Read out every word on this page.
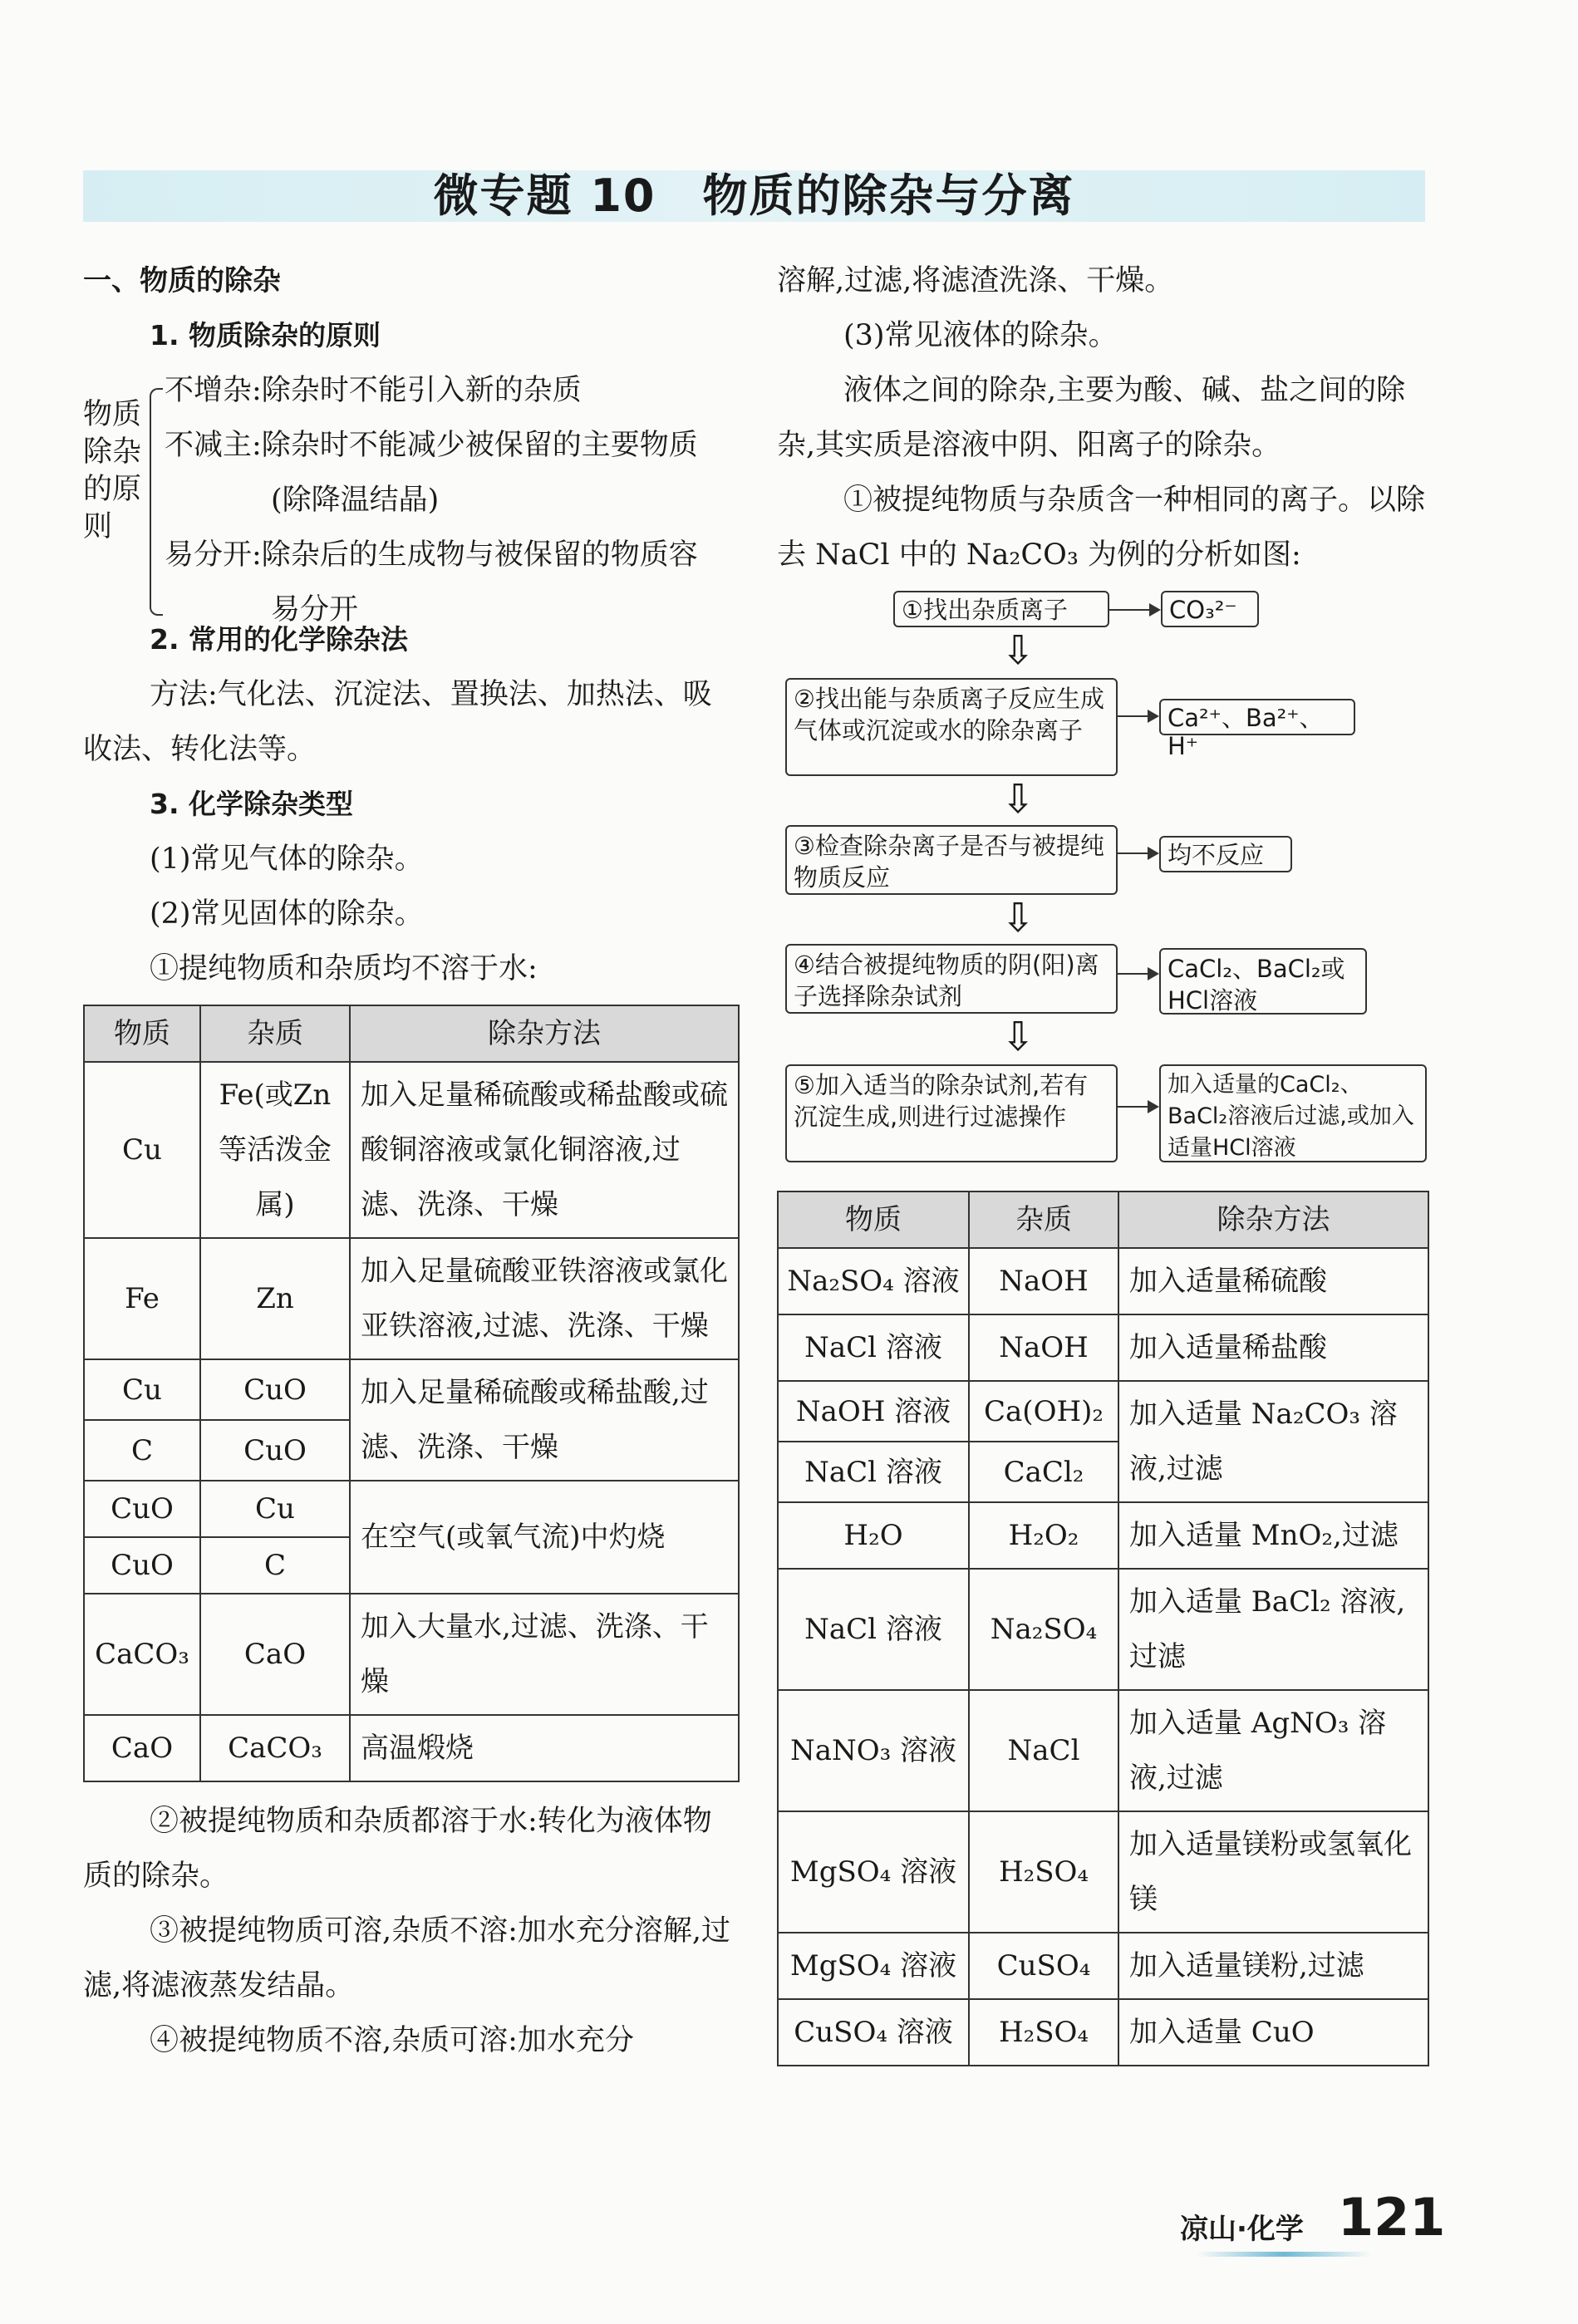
微专题 10　物质的除杂与分离
一、物质的除杂
1. 物质除杂的原则
物质除杂的原则
不增杂:除杂时不能引入新的杂质
不减主:除杂时不能减少被保留的主要物质
(除降温结晶)
易分开:除杂后的生成物与被保留的物质容
易分开
2. 常用的化学除杂法
方法:气化法、沉淀法、置换法、加热法、吸收法、转化法等。
3. 化学除杂类型
(1)常见气体的除杂。
(2)常见固体的除杂。
①提纯物质和杂质均不溶于水:
物质	杂质	除杂方法
Cu	Fe(或Zn等活泼金属)	加入足量稀硫酸或稀盐酸或硫酸铜溶液或氯化铜溶液,过滤、洗涤、干燥
Fe	Zn	加入足量硫酸亚铁溶液或氯化亚铁溶液,过滤、洗涤、干燥
Cu	CuO	加入足量稀硫酸或稀盐酸,过滤、洗涤、干燥
C	CuO	
CuO	Cu	在空气(或氧气流)中灼烧
CuO	C	
CaCO₃	CaO	加入大量水,过滤、洗涤、干燥
CaO	CaCO₃	高温煅烧
②被提纯物质和杂质都溶于水:转化为液体物质的除杂。
③被提纯物质可溶,杂质不溶:加水充分溶解,过滤,将滤液蒸发结晶。
④被提纯物质不溶,杂质可溶:加水充分
溶解,过滤,将滤渣洗涤、干燥。
(3)常见液体的除杂。
液体之间的除杂,主要为酸、碱、盐之间的除杂,其实质是溶液中阴、阳离子的除杂。
①被提纯物质与杂质含一种相同的离子。以除去 NaCl 中的 Na₂CO₃ 为例的分析如图:
①找出杂质离子	CO₃²⁻
⇩
②找出能与杂质离子反应生成气体或沉淀或水的除杂离子	Ca²⁺、Ba²⁺、H⁺
⇩
③检查除杂离子是否与被提纯物质反应
均不反应
⇩
④结合被提纯物质的阴(阳)离子选择除杂试剂
CaCl₂、BaCl₂或HCl溶液
⇩
⑤加入适当的除杂试剂,若有沉淀生成,则进行过滤操作
加入适量的CaCl₂、BaCl₂溶液后过滤,或加入适量HCl溶液
物质	杂质	除杂方法
Na₂SO₄ 溶液	NaOH	加入适量稀硫酸
NaCl 溶液	NaOH	加入适量稀盐酸
NaOH 溶液	Ca(OH)₂	加入适量 Na₂CO₃ 溶液,过滤
NaCl 溶液	CaCl₂	
H₂O	H₂O₂	加入适量 MnO₂,过滤
NaCl 溶液	Na₂SO₄	加入适量 BaCl₂ 溶液,过滤
NaNO₃ 溶液	NaCl	加入适量 AgNO₃ 溶液,过滤
MgSO₄ 溶液	H₂SO₄	加入适量镁粉或氢氧化镁
MgSO₄ 溶液	CuSO₄	加入适量镁粉,过滤
CuSO₄ 溶液	H₂SO₄	加入适量 CuO
凉山·化学 121
